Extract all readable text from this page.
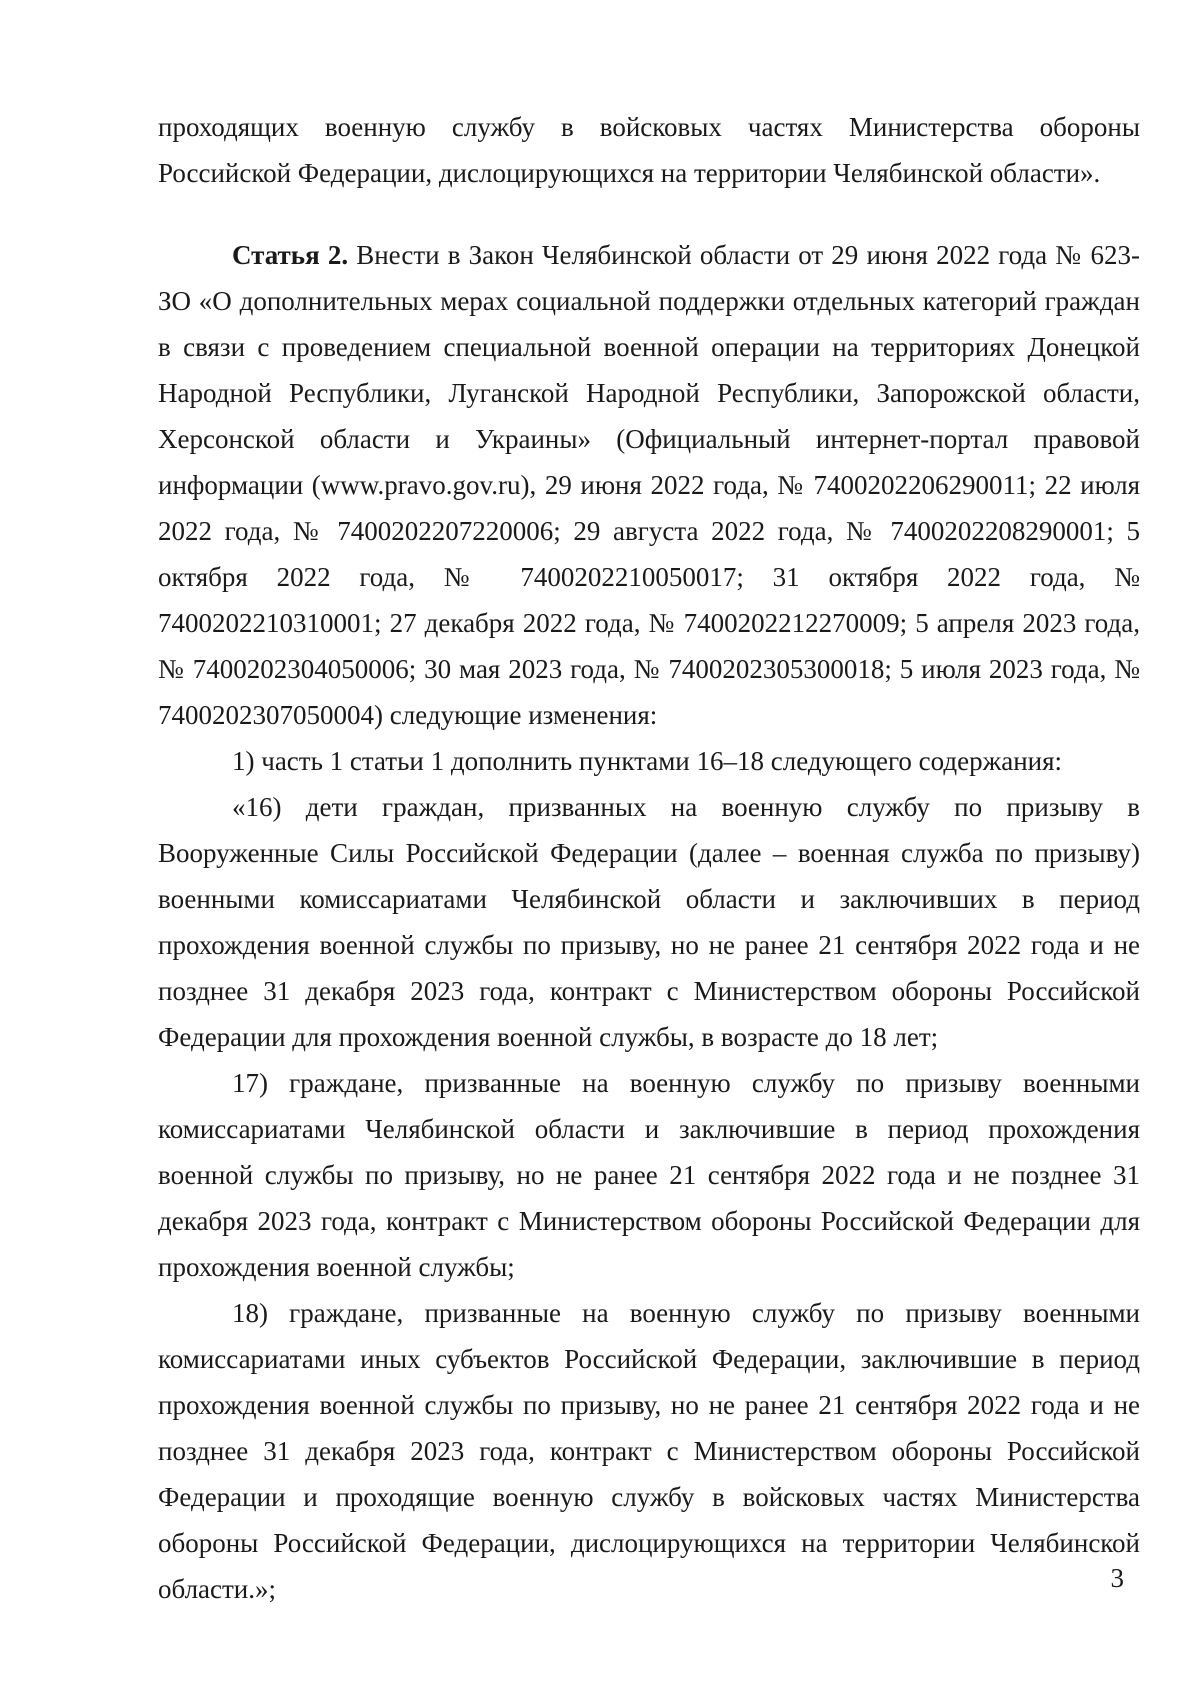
проходящих военную службу в войсковых частях Министерства обороны Российской Федерации, дислоцирующихся на территории Челябинской области».

Статья 2. Внести в Закон Челябинской области от 29 июня 2022 года № 623-ЗО «О дополнительных мерах социальной поддержки отдельных категорий граждан в связи с проведением специальной военной операции на территориях Донецкой Народной Республики, Луганской Народной Республики, Запорожской области, Херсонской области и Украины» (Официальный интернет-портал правовой информации (www.pravo.gov.ru), 29 июня 2022 года, № 7400202206290011; 22 июля 2022 года, № 7400202207220006; 29 августа 2022 года, № 7400202208290001; 5 октября 2022 года, № 7400202210050017; 31 октября 2022 года, № 7400202210310001; 27 декабря 2022 года, № 7400202212270009; 5 апреля 2023 года, № 7400202304050006; 30 мая 2023 года, № 7400202305300018; 5 июля 2023 года, № 7400202307050004) следующие изменения:

1) часть 1 статьи 1 дополнить пунктами 16–18 следующего содержания:

«16) дети граждан, призванных на военную службу по призыву в Вооруженные Силы Российской Федерации (далее – военная служба по призыву) военными комиссариатами Челябинской области и заключивших в период прохождения военной службы по призыву, но не ранее 21 сентября 2022 года и не позднее 31 декабря 2023 года, контракт с Министерством обороны Российской Федерации для прохождения военной службы, в возрасте до 18 лет;

17) граждане, призванные на военную службу по призыву военными комиссариатами Челябинской области и заключившие в период прохождения военной службы по призыву, но не ранее 21 сентября 2022 года и не позднее 31 декабря 2023 года, контракт с Министерством обороны Российской Федерации для прохождения военной службы;

18) граждане, призванные на военную службу по призыву военными комиссариатами иных субъектов Российской Федерации, заключившие в период прохождения военной службы по призыву, но не ранее 21 сентября 2022 года и не позднее 31 декабря 2023 года, контракт с Министерством обороны Российской Федерации и проходящие военную службу в войсковых частях Министерства обороны Российской Федерации, дислоцирующихся на территории Челябинской области.»;	3
